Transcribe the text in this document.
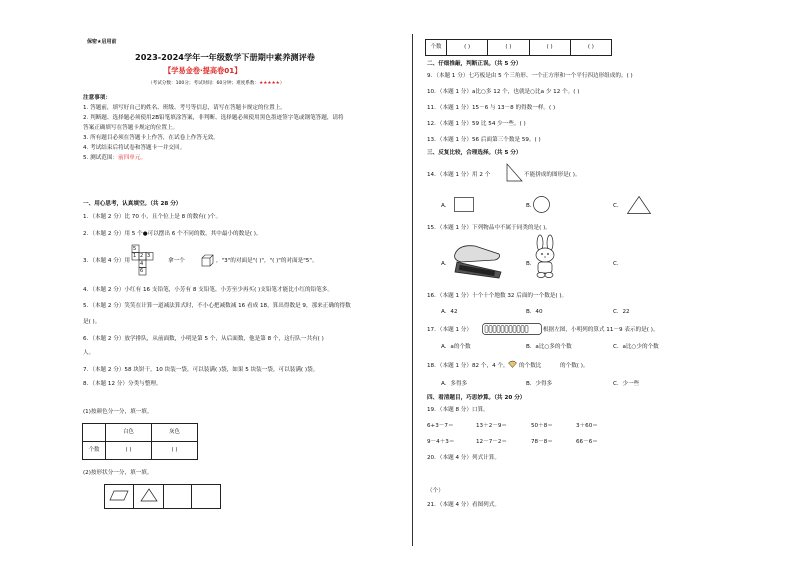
保密★启用前
2023-2024学年一年级数学下册期中素养测评卷
【学易金卷·提高卷01】
（考试分数：100分；考试时间：60分钟；难度系数：★★★★★）
注意事项：
1. 答题前，填写好自己的姓名、班级、考号等信息，请写在答题卡规定的位置上。
2. 判断题、选择题必须使用2B铅笔填涂答案，非判断、选择题必须使用黑色墨迹签字笔或钢笔答题，请将
答案正确填写在答题卡规定的位置上。
3. 所有题目必须在答题卡上作答，在试卷上作答无效。
4. 考试结束后将试卷和答题卡一并交回。
5. 测试范围：前四单元。
一、用心思考，认真填空。（共 28 分）
1．（本题 2 分）比 70 小，且个位上是 8 的数有( )个。
2．（本题 2 分）用 5 个●可以摆出 6 个不同的数，其中最小的数是( )。
3．（本题 4 分）用
5
1 2 3
4
6
拿一个	，"3"的对面是"( )"，"( )"的对面是"5"。
4．（本题 2 分）小红有 16 支铅笔，小芳有 8 支铅笔，小芳至少再买( )支铅笔才能比小红的铅笔多。
5．（本题 2 分）笑笑在计算一道减法算式时，不小心把减数减 16 看成 18，算出得数是 9，那来正确的得数
是( )。
6．（本题 2 分）放学排队，从前面数，小明是第 5 个，从后面数，他是第 8 个，这行队一共有( )
人。
7．（本题 2 分）58 块饼干，10 块装一袋，可以装满( )袋，如果 5 块装一袋，可以装满( )袋。
8．（本题 12 分）分类与整理。
(1)按颜色分一分，填一填。
	白色	灰色
个数	( )	( )
(2)按形状分一分，填一填。

个数	( )	( )	( )	( )
二、仔细推敲，判断正误。（共 5 分）
9．（本题 1 分）七巧板是由 5 个三角形、一个正方形和一个平行四边形组成的。( )
10．（本题 1 分）a比○多 12 个，也就是○比a 少 12 个。( )
11．（本题 1 分）15－6 与 13－8 的得数一样。( )
12．（本题 1 分）59 比 54 少一些。( )
13．（本题 1 分）56 后面第三个数是 59。( )
三、反复比较，合理选择。（共 5 分）
14．（本题 1 分）用 2 个	不能拼成的图形是( )。
A．	B．	C．
15．（本题 1 分）下列物品中不属于同类的是( )。
A．	B．	C．
16．（本题 1 分）十个十个地数 32 后面的一个数是( )。
A．42	B．40	C．22
17．（本题 1 分）	根据左图，小明列的算式 11－9 表示的是( )。
A．a的个数	B．a比○多的个数	C．a比○少的个数
18．（本题 1 分）82 个，4 个， 的个数比	的个数( )。
A．多得多	B．少得多	C．少一些
四、看清题目，巧思妙算。（共 20 分）
19．（本题 8 分）口算。
6+3－7＝	13＋2－9＝	50＋8＝	3＋60＝
9－4＋3＝	12－7－2＝	78－8＝	66－6＝
20．（本题 4 分）列式计算。
（个）
21．（本题 4 分）看图列式。
